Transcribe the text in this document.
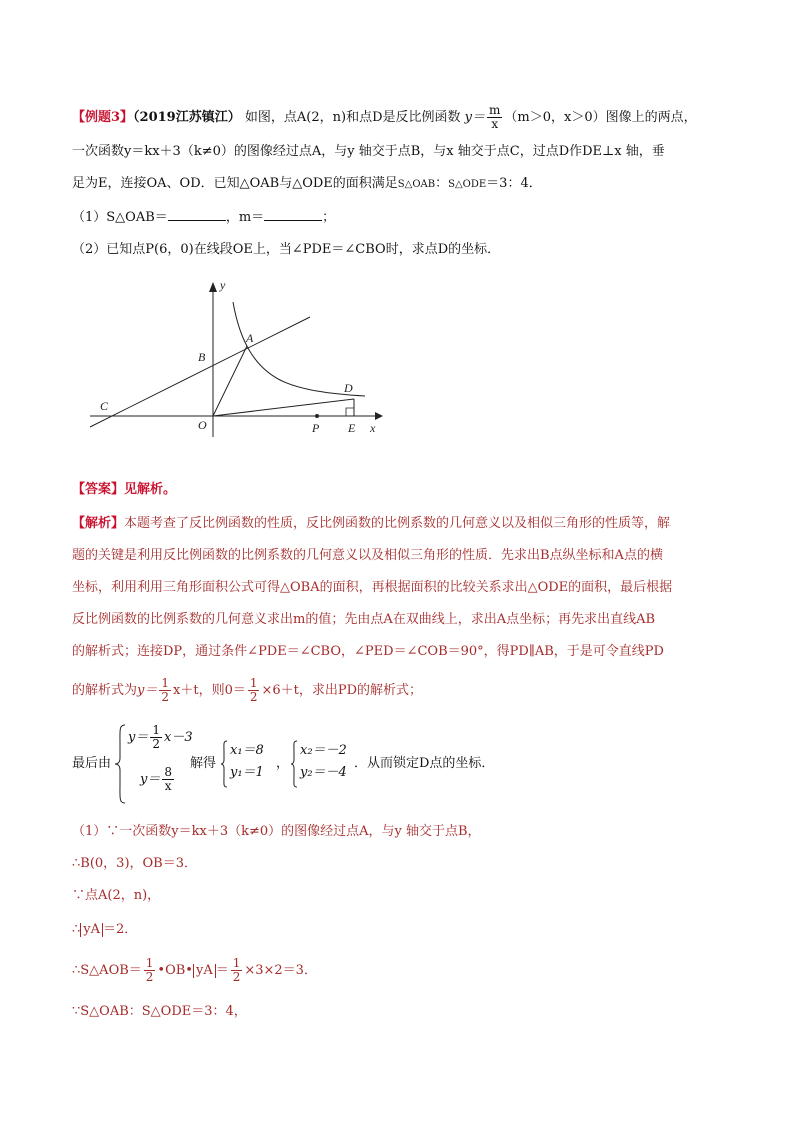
【例题3】（2019江苏镇江） 如图，点A(2，n)和点D是反比例函数 $y= \frac{m}{x} (m>0$，x＞0）图像上的两点，
一次函数y＝kx＋3（k≠0）的图像经过点A，与y 轴交于点B，与x 轴交于点C，过点D作DE⊥x 轴，垂
足为E，连接OA、OD．已知△OAB与△ODE的面积满足S△OAB：S△ODE＝3：4．
（1）S△OAB＝	，m＝	；
（2）已知点P(6，0)在线段OE上，当∠PDE＝∠CBO时，求点D的坐标．
y
x
A
B
C
D
O	P E
【答案】见解析。
【解析】本题考查了反比例函数的性质，反比例函数的比例系数的几何意义以及相似三角形的性质等，解
题的关键是利用反比例函数的比例系数的几何意义以及相似三角形的性质．先求出B点纵坐标和A点的横
坐标，利用利用三角形面积公式可得△OBA的面积，再根据面积的比较关系求出△ODE的面积，最后根据
反比例函数的比例系数的几何意义求出m的值；先由点A在双曲线上，求出A点坐标；再先求出直线AB
的解析式；连接DP，通过条件∠PDE＝∠CBO，∠PED＝∠COB＝90°，得PD∥AB，于是可令直线PD
的解析式为$y= \frac{1}{2} x+t$，则$0= \frac{1}{2} \times 6+t$，求出PD的解析式；
最后由
$y= \frac{1}{2} x-3$
$y= \frac{8}{x}$
解得
x₁＝8
y₁＝1
，
x₂＝－2
y₂＝－4
．从而锁定D点的坐标．
（1）∵一次函数y＝kx＋3（k≠0）的图像经过点A，与y 轴交于点B，
∴B(0，3)，OB＝3．
∵点A(2，n)，
∴ yA ＝2．
∴S△AOB＝ $\frac{1}{2}$ •OB• yA ＝ $\frac{1}{2} \times 3\times 2=3$．
∵S△OAB：S△ODE＝3：4，
